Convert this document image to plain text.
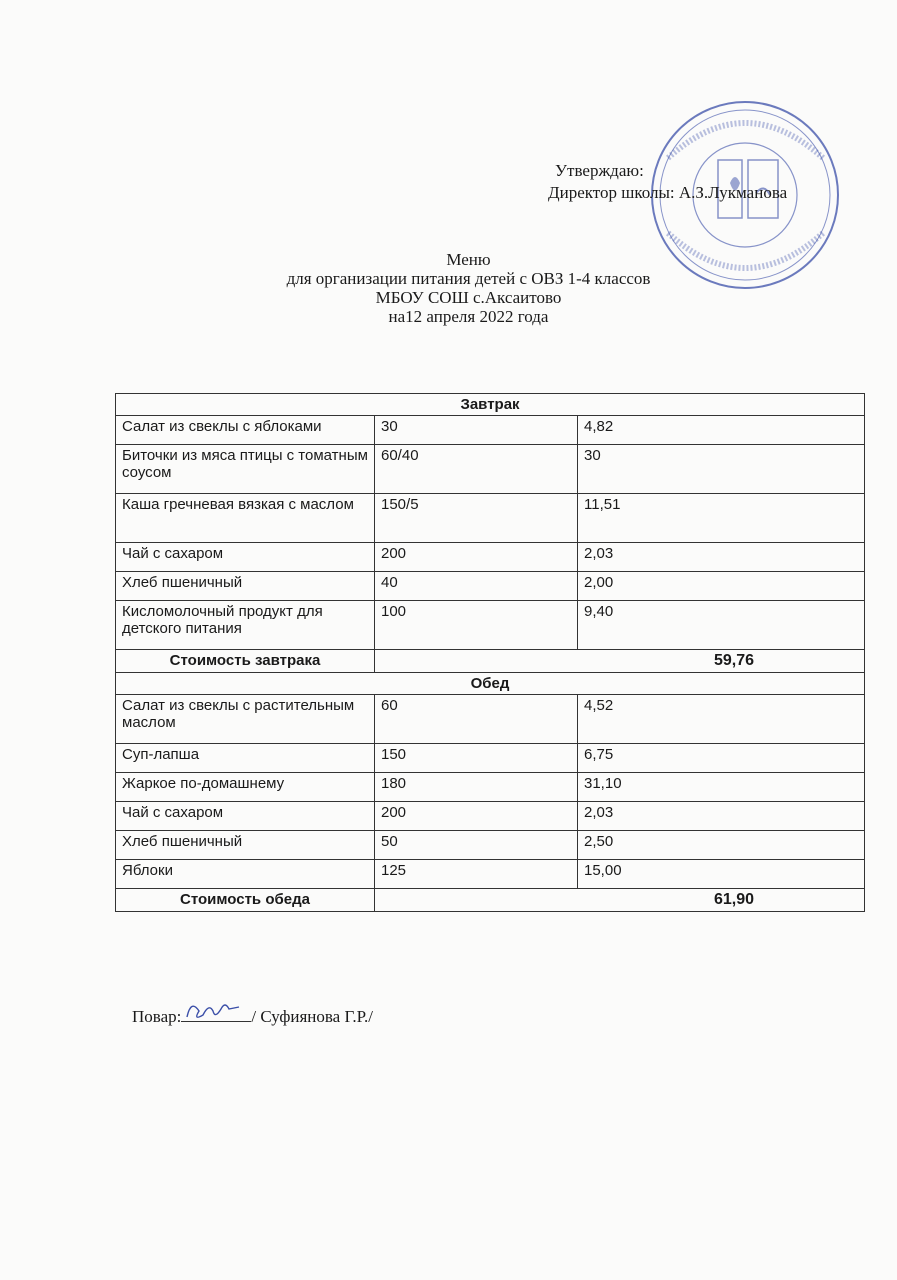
Утверждаю:
Директор школы: А.З.Лукманова
Меню
для организации питания детей с ОВЗ 1-4 классов
МБОУ СОШ с.Аксаитово
на12 апреля 2022 года
Завтрак		
Салат из свеклы с яблоками	30	4,82
Биточки из мяса птицы с томатным соусом	60/40	30
Каша гречневая вязкая с маслом	150/5	11,51
Чай с сахаром	200	2,03
Хлеб пшеничный	40	2,00
Кисломолочный продукт для детского питания	100	9,40
Стоимость завтрака	59,76	
Обед		
Салат из свеклы с растительным маслом	60	4,52
Суп-лапша	150	6,75
Жаркое по-домашнему	180	31,10
Чай с сахаром	200	2,03
Хлеб пшеничный	50	2,50
Яблоки	125	15,00
Стоимость обеда	61,90	
Повар:	/ Суфиянова Г.Р./
